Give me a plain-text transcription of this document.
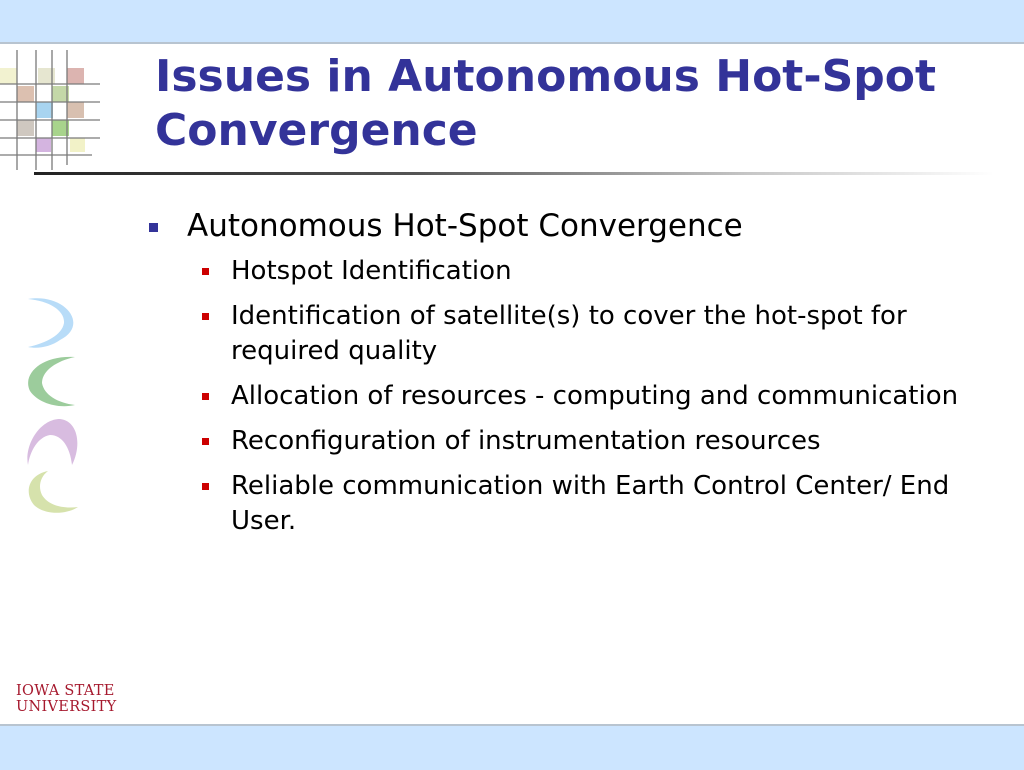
Issues in Autonomous Hot-Spot Convergence
Autonomous Hot-Spot Convergence
Hotspot Identification
Identification of satellite(s) to cover the hot-spot for required quality
Allocation of resources - computing and communication
Reconfiguration of instrumentation resources
Reliable communication with Earth Control Center/ End User.
IOWA STATE
UNIVERSITY
